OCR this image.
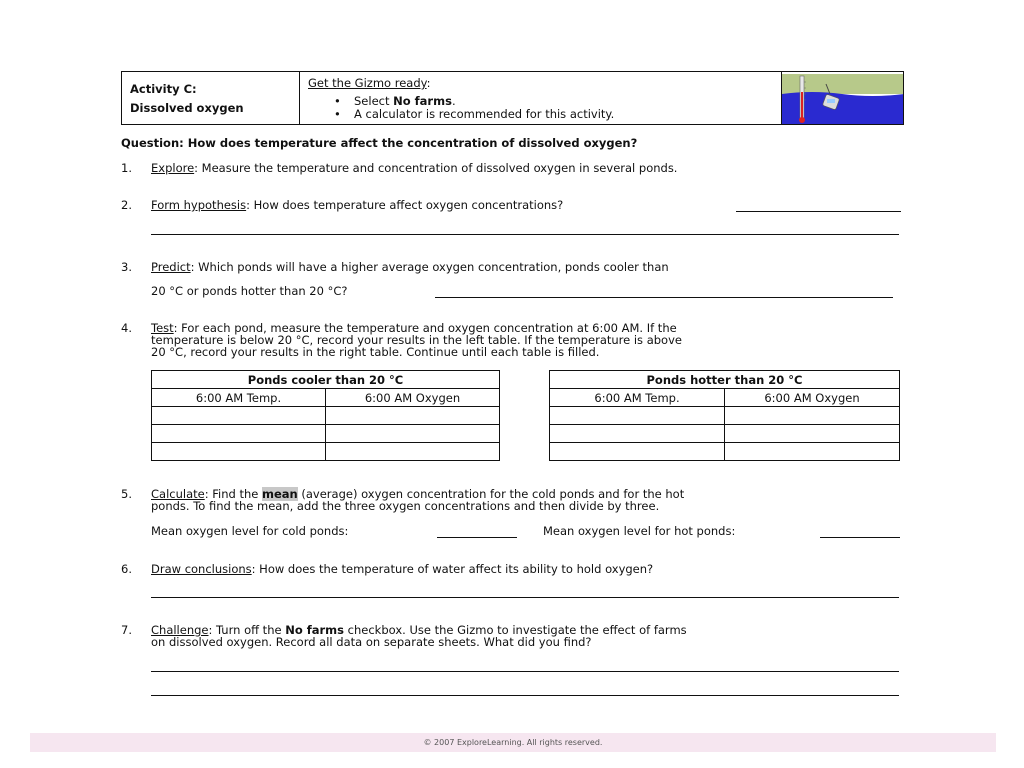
Activity C:
Dissolved oxygen
Get the Gizmo ready:
• Select No farms.
• A calculator is recommended for this activity.
Question: How does temperature affect the concentration of dissolved oxygen?
1. Explore: Measure the temperature and concentration of dissolved oxygen in several ponds.
2. Form hypothesis: How does temperature affect oxygen concentrations?
3. Predict: Which ponds will have a higher average oxygen concentration, ponds cooler than
20 °C or ponds hotter than 20 °C?
4. Test: For each pond, measure the temperature and oxygen concentration at 6:00 AM. If the
temperature is below 20 °C, record your results in the left table. If the temperature is above
20 °C, record your results in the right table. Continue until each table is filled.
Ponds cooler than 20 °C	
6:00 AM Temp.	6:00 AM Oxygen

Ponds hotter than 20 °C	
6:00 AM Temp.	6:00 AM Oxygen

5. Calculate: Find the mean (average) oxygen concentration for the cold ponds and for the hot
ponds. To find the mean, add the three oxygen concentrations and then divide by three.
Mean oxygen level for cold ponds:	Mean oxygen level for hot ponds:
6. Draw conclusions: How does the temperature of water affect its ability to hold oxygen?
7. Challenge: Turn off the No farms checkbox. Use the Gizmo to investigate the effect of farms
on dissolved oxygen. Record all data on separate sheets. What did you find?
© 2007 ExploreLearning. All rights reserved.
